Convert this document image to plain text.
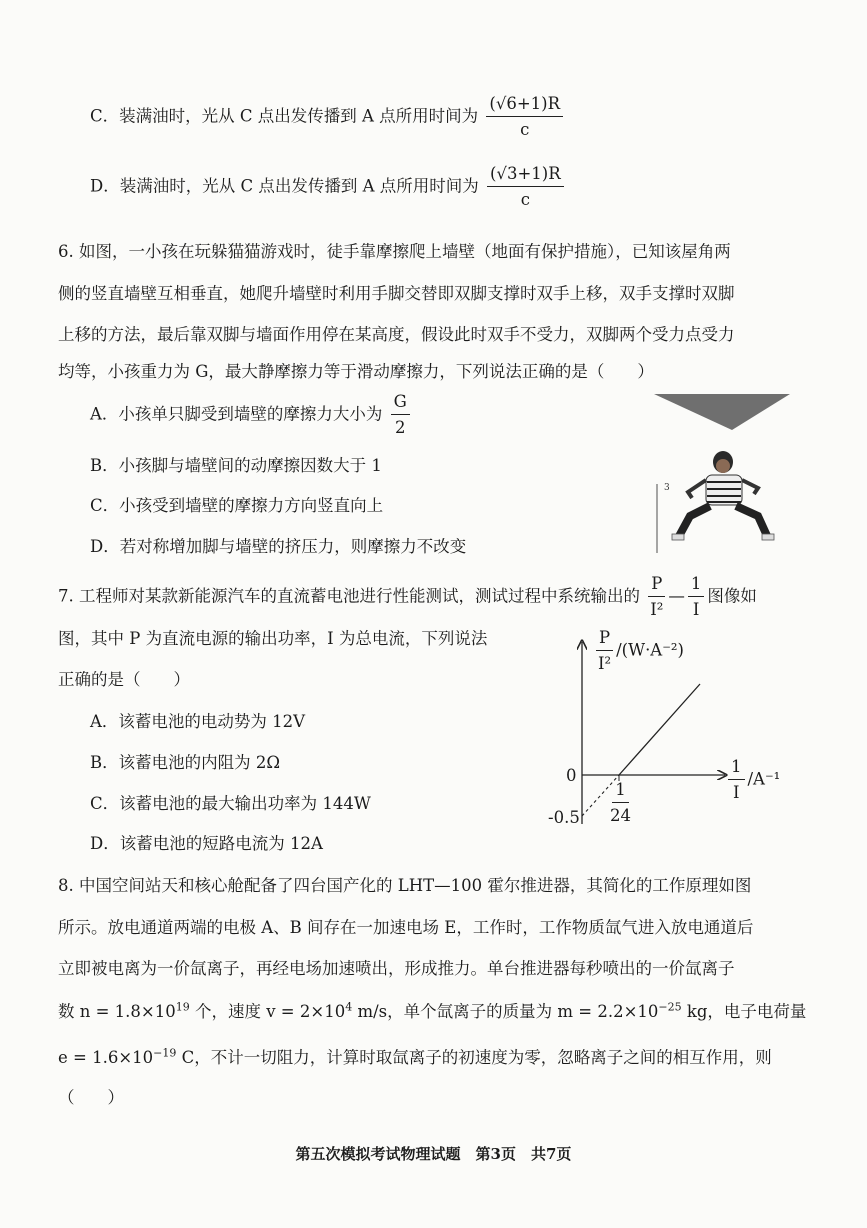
C．装满油时，光从 C 点出发传播到 A 点所用时间为 $\frac{(√6+1)R}{c}$
D．装满油时，光从 C 点出发传播到 A 点所用时间为 $\frac{(√3+1)R}{c}$
6. 如图，一小孩在玩躲猫猫游戏时，徒手靠摩擦爬上墙壁（地面有保护措施），已知该屋角两
侧的竖直墙壁互相垂直，她爬升墙壁时利用手脚交替即双脚支撑时双手上移，双手支撑时双脚
上移的方法，最后靠双脚与墙面作用停在某高度，假设此时双手不受力，双脚两个受力点受力
均等，小孩重力为 G，最大静摩擦力等于滑动摩擦力，下列说法正确的是（　　）
A．小孩单只脚受到墙壁的摩擦力大小为 $\frac{G}{2}$
B．小孩脚与墙壁间的动摩擦因数大于 1
C．小孩受到墙壁的摩擦力方向竖直向上
D．若对称增加脚与墙壁的挤压力，则摩擦力不改变
3
7. 工程师对某款新能源汽车的直流蓄电池进行性能测试，测试过程中系统输出的 $\frac{P}{\text{I²}}$ — $\frac{1}{I}$ 图像如
图，其中 P 为直流电源的输出功率，I 为总电流，下列说法
正确的是（　　）
A．该蓄电池的电动势为 12V
B．该蓄电池的内阻为 2Ω
C．该蓄电池的最大输出功率为 144W
D．该蓄电池的短路电流为 12A
$\frac{P}{\text{I²}} /(W\cdot A^{-2})$
$\frac{1}{I} /A^{-1}$
0
$-0.5 \frac{1}{24}$
8. 中国空间站天和核心舱配备了四台国产化的 LHT—100 霍尔推进器，其简化的工作原理如图
所示。放电通道两端的电极 A、B 间存在一加速电场 E，工作时，工作物质氙气进入放电通道后
立即被电离为一价氙离子，再经电场加速喷出，形成推力。单台推进器每秒喷出的一价氙离子
数 $n = 1.8\times 10^{19}$ 个，速度 $v = 2\times 10^4$ m/s，单个氙离子的质量为 $m = 2.2\times 10^{-25}$ kg，电子电荷量
$e = 1.6\times 10^{-19}$ C，不计一切阻力，计算时取氙离子的初速度为零，忽略离子之间的相互作用，则
（　　）
第五次模拟考试物理试题　第3页　共7页
